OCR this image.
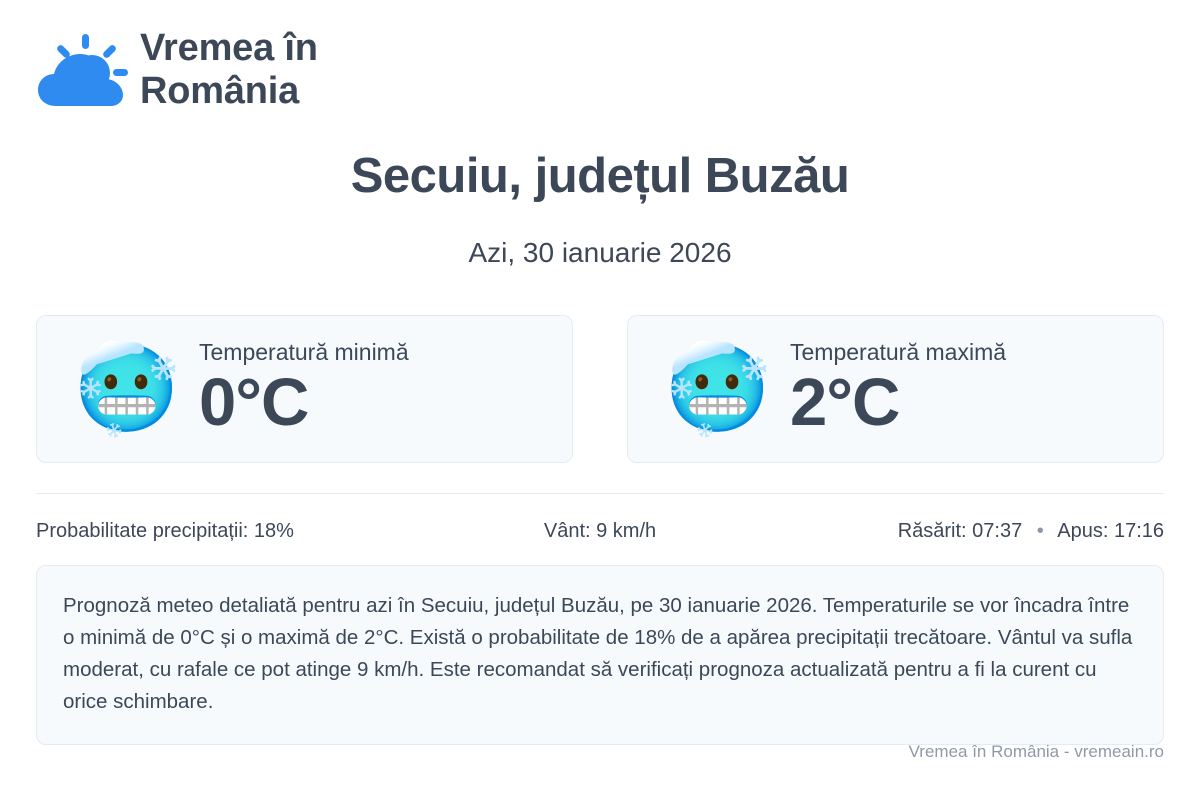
Vremea în
România
Secuiu, județul Buzău
Azi, 30 ianuarie 2026
🥶 Temperatură minimă
0°C	🥶 Temperatură maximă
2°C
Probabilitate precipitații: 18%	Vânt: 9 km/h	Răsărit: 07:37 • Apus: 17:16
Prognoză meteo detaliată pentru azi în Secuiu, județul Buzău, pe 30 ianuarie 2026. Temperaturile se vor încadra între o minimă de 0°C și o maximă de 2°C. Există o probabilitate de 18% de a apărea precipitații trecătoare. Vântul va sufla moderat, cu rafale ce pot atinge 9 km/h. Este recomandat să verificați prognoza actualizată pentru a fi la curent cu orice schimbare.
Vremea în România - vremeain.ro
